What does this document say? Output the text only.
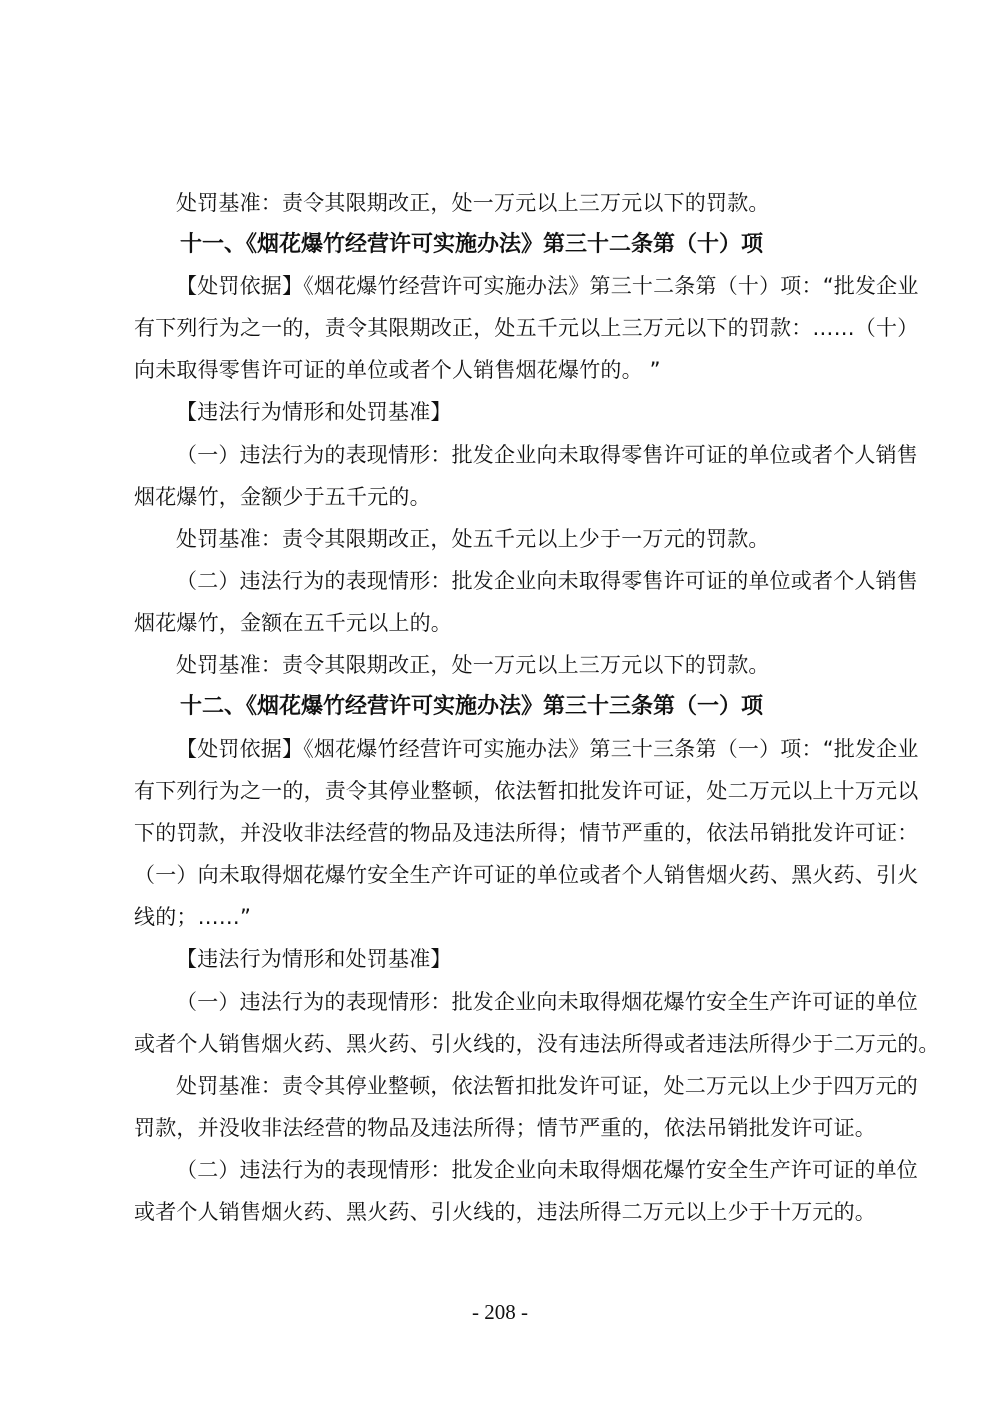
处罚基准：责令其限期改正，处一万元以上三万元以下的罚款。
十一、《烟花爆竹经营许可实施办法》第三十二条第（十）项
【处罚依据】《烟花爆竹经营许可实施办法》第三十二条第（十）项：“批发企业
有下列行为之一的，责令其限期改正，处五千元以上三万元以下的罚款：……（十）
向未取得零售许可证的单位或者个人销售烟花爆竹的。 ”
【违法行为情形和处罚基准】
（一）违法行为的表现情形：批发企业向未取得零售许可证的单位或者个人销售
烟花爆竹，金额少于五千元的。
处罚基准：责令其限期改正，处五千元以上少于一万元的罚款。
（二）违法行为的表现情形：批发企业向未取得零售许可证的单位或者个人销售
烟花爆竹，金额在五千元以上的。
处罚基准：责令其限期改正，处一万元以上三万元以下的罚款。
十二、《烟花爆竹经营许可实施办法》第三十三条第（一）项
【处罚依据】《烟花爆竹经营许可实施办法》第三十三条第（一）项：“批发企业
有下列行为之一的，责令其停业整顿，依法暂扣批发许可证，处二万元以上十万元以
下的罚款，并没收非法经营的物品及违法所得；情节严重的，依法吊销批发许可证：
（一）向未取得烟花爆竹安全生产许可证的单位或者个人销售烟火药、黑火药、引火
线的；……”
【违法行为情形和处罚基准】
（一）违法行为的表现情形：批发企业向未取得烟花爆竹安全生产许可证的单位
或者个人销售烟火药、黑火药、引火线的，没有违法所得或者违法所得少于二万元的。
处罚基准：责令其停业整顿，依法暂扣批发许可证，处二万元以上少于四万元的
罚款，并没收非法经营的物品及违法所得；情节严重的，依法吊销批发许可证。
（二）违法行为的表现情形：批发企业向未取得烟花爆竹安全生产许可证的单位
或者个人销售烟火药、黑火药、引火线的，违法所得二万元以上少于十万元的。
- 208 -
